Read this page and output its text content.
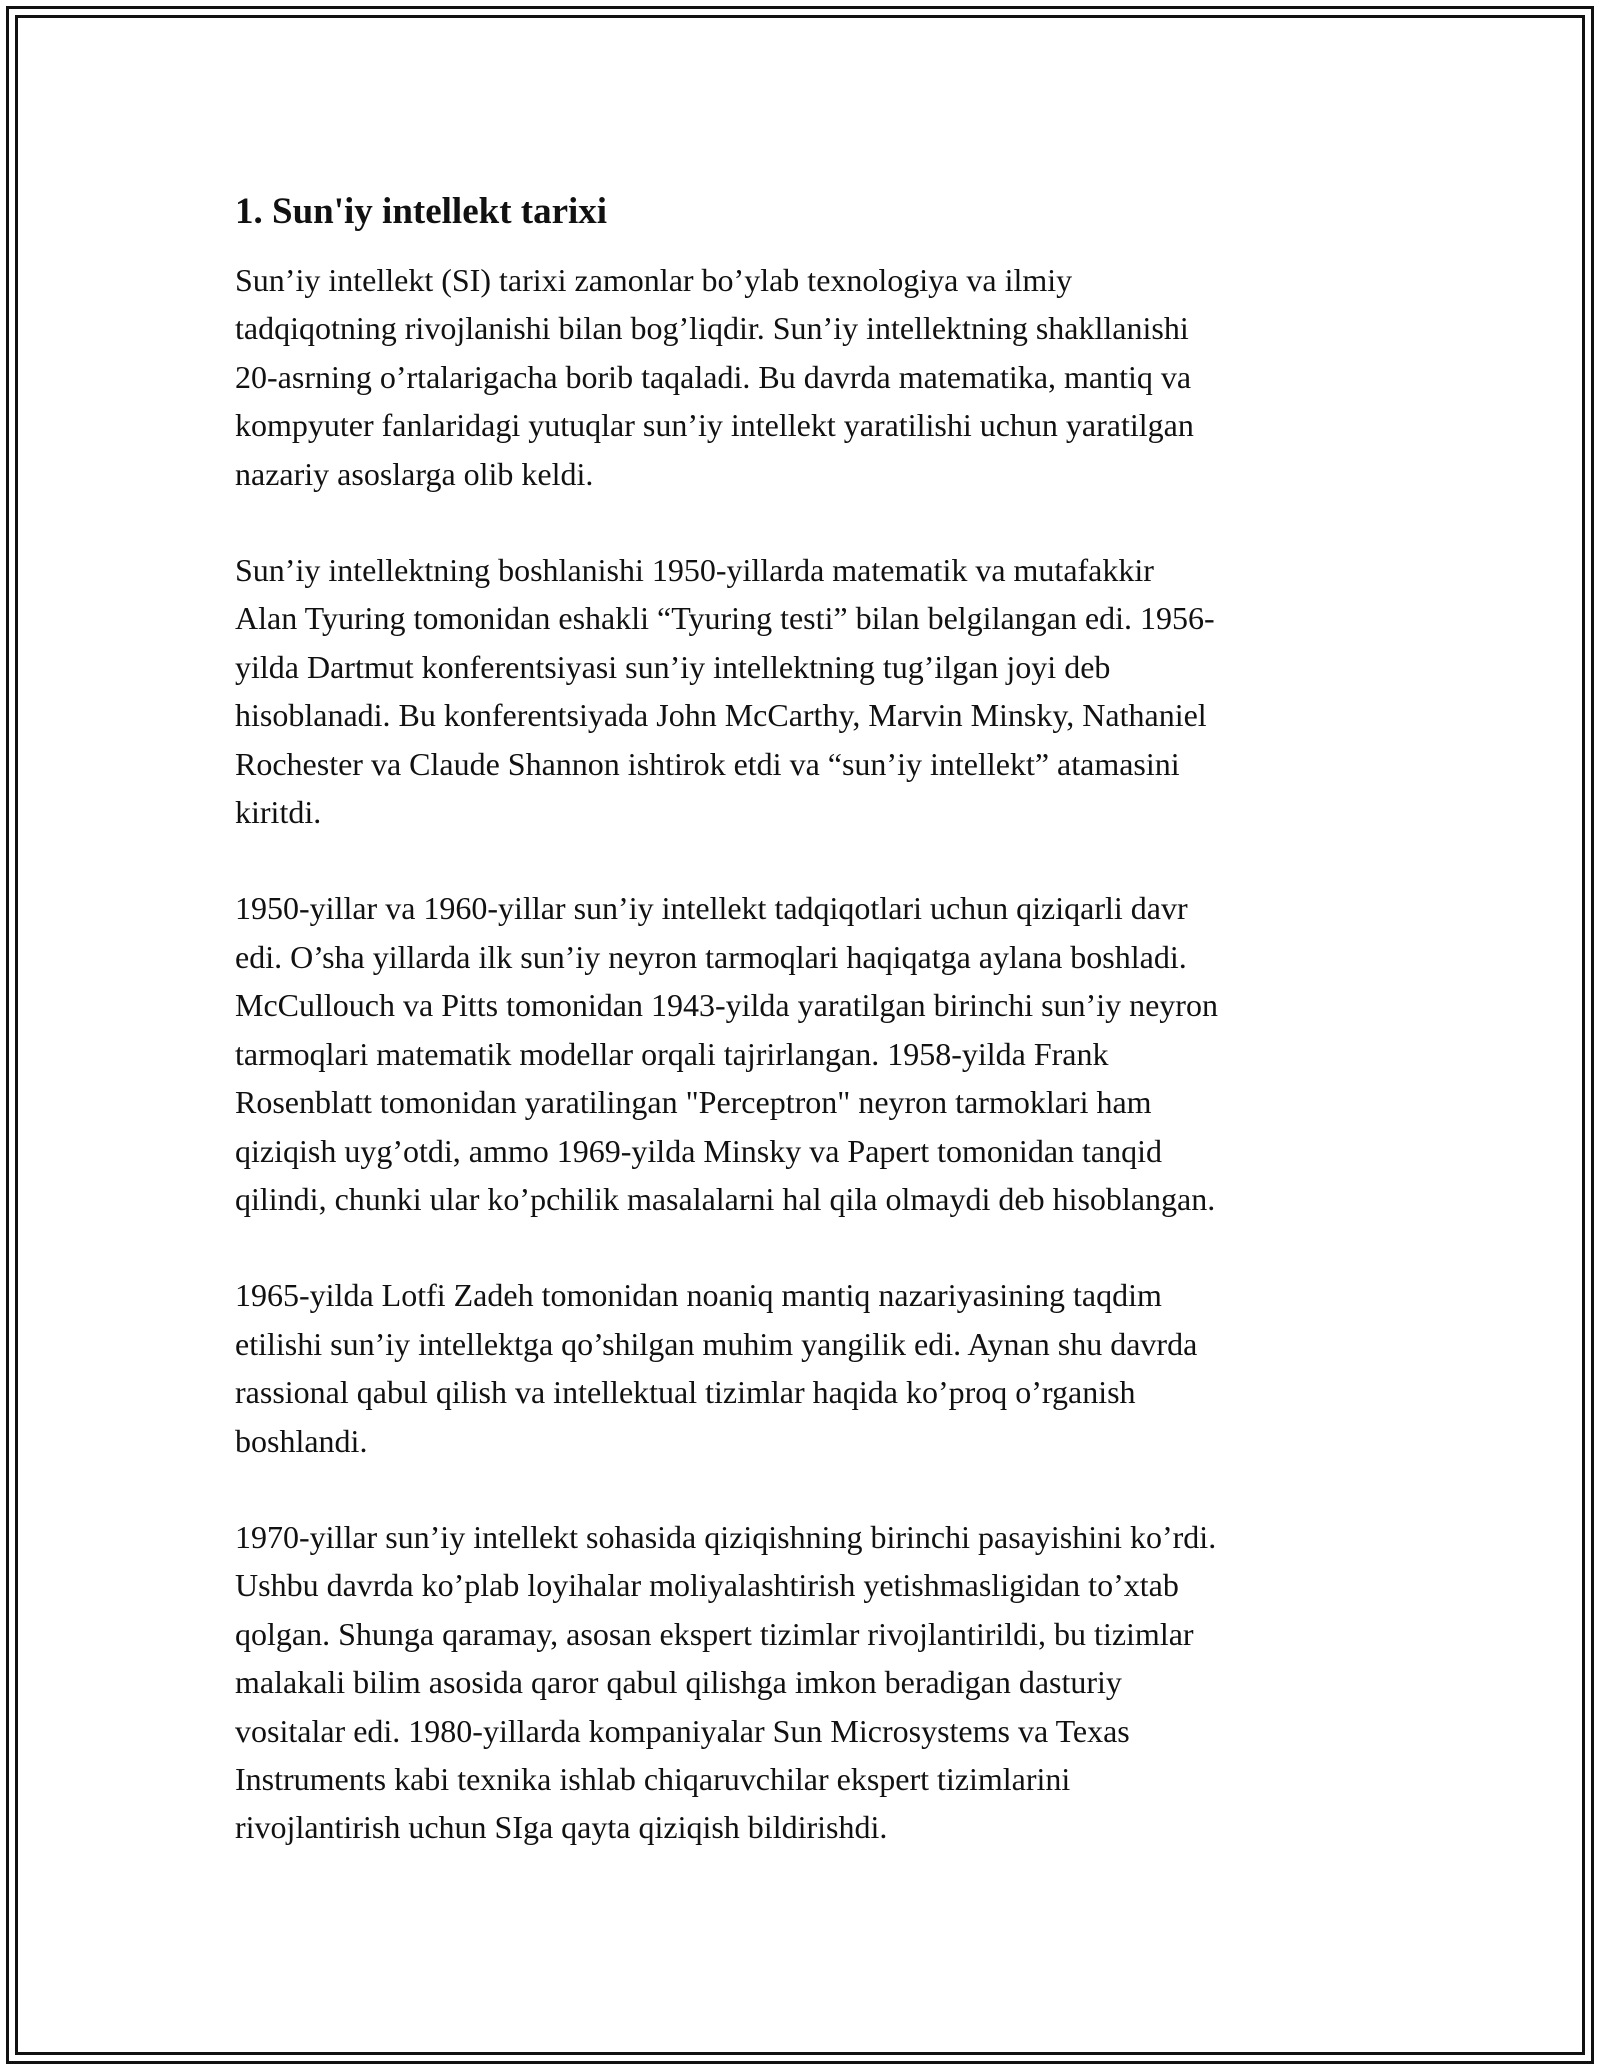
1. Sun'iy intellekt tarixi

Sun’iy intellekt (SI) tarixi zamonlar bo’ylab texnologiya va ilmiy
tadqiqotning rivojlanishi bilan bog’liqdir. Sun’iy intellektning shakllanishi
20-asrning o’rtalarigacha borib taqaladi. Bu davrda matematika, mantiq va
kompyuter fanlaridagi yutuqlar sun’iy intellekt yaratilishi uchun yaratilgan
nazariy asoslarga olib keldi.

Sun’iy intellektning boshlanishi 1950-yillarda matematik va mutafakkir
Alan Tyuring tomonidan eshakli “Tyuring testi” bilan belgilangan edi. 1956-
yilda Dartmut konferentsiyasi sun’iy intellektning tug’ilgan joyi deb
hisoblanadi. Bu konferentsiyada John McCarthy, Marvin Minsky, Nathaniel
Rochester va Claude Shannon ishtirok etdi va “sun’iy intellekt” atamasini
kiritdi.

1950-yillar va 1960-yillar sun’iy intellekt tadqiqotlari uchun qiziqarli davr
edi. O’sha yillarda ilk sun’iy neyron tarmoqlari haqiqatga aylana boshladi.
McCullouch va Pitts tomonidan 1943-yilda yaratilgan birinchi sun’iy neyron
tarmoqlari matematik modellar orqali tajrirlangan. 1958-yilda Frank
Rosenblatt tomonidan yaratilingan "Perceptron" neyron tarmoklari ham
qiziqish uyg’otdi, ammo 1969-yilda Minsky va Papert tomonidan tanqid
qilindi, chunki ular ko’pchilik masalalarni hal qila olmaydi deb hisoblangan.

1965-yilda Lotfi Zadeh tomonidan noaniq mantiq nazariyasining taqdim
etilishi sun’iy intellektga qo’shilgan muhim yangilik edi. Aynan shu davrda
rassional qabul qilish va intellektual tizimlar haqida ko’proq o’rganish
boshlandi.

1970-yillar sun’iy intellekt sohasida qiziqishning birinchi pasayishini ko’rdi.
Ushbu davrda ko’plab loyihalar moliyalashtirish yetishmasligidan to’xtab
qolgan. Shunga qaramay, asosan ekspert tizimlar rivojlantirildi, bu tizimlar
malakali bilim asosida qaror qabul qilishga imkon beradigan dasturiy
vositalar edi. 1980-yillarda kompaniyalar Sun Microsystems va Texas
Instruments kabi texnika ishlab chiqaruvchilar ekspert tizimlarini
rivojlantirish uchun SIga qayta qiziqish bildirishdi.
